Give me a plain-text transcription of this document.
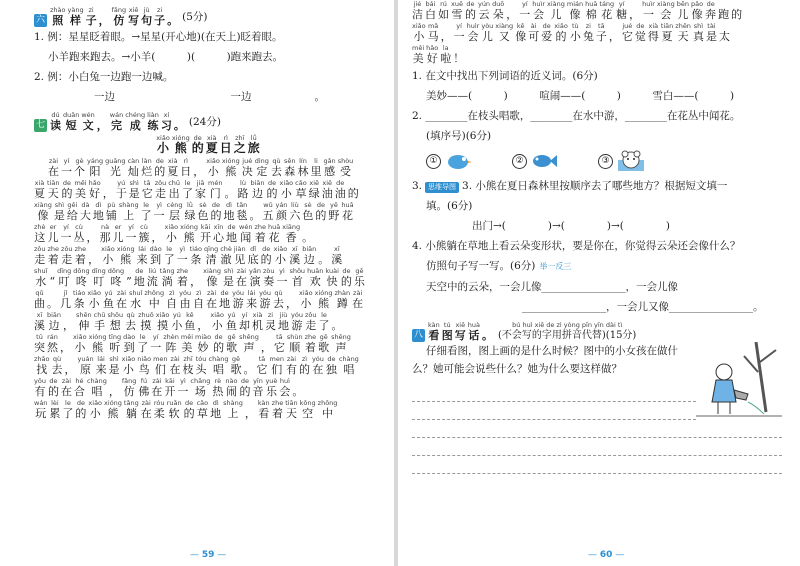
六
zhào
照
yàng
样
zi
子 ，
fǎng
仿
xiě
写
jù
句
zi
子 。 (5分)
1. 例：星星眨着眼。→星星(开心地)(在天上)眨着眼。
小羊跑来跑去。→小羊(　　　)(　　　)跑来跑去。
2. 例：小白兔一边跑一边喊。
一边　　　　　　　　　　　一边　　　　　　。
七
dú
读
duǎn
短
wén
文 ，
wán
完
chéng
成
liàn
练
xí
习 。 (24分)
xiǎo
小
xióng
熊
de
的
xià
夏
rì
日
zhī
之
lǚ
旅
zài
在
yí
一
gè
个
yáng
阳
guāng
光
càn
灿
làn
烂
de
的
xià
夏
rì
日 ，
xiǎo
小
xióng
熊
jué
决
dìng
定
qù
去
sēn
森
lín
林
li
里
gǎn
感
shòu
受
xià
夏
tiān
天
de
的
měi
美
hǎo
好 ，
yú
于
shì
是
tā
它
zǒu
走
chū
出
le
了
jiā
家
mén
门 。
lù
路
biān
边
de
的
xiǎo
小
cǎo
草
xiē
绿
xiē
油
de
油 的
xiàng
像
shì
是
gěi
给
dà
大
dì
地
pù
铺
shàng
上
le
了
yì
一
céng
层
lǜ
绿
sè
色
de
的
dì
地
tǎn
毯 。
wǔ
五
yán
颜
liù
六
sè
色
de
的
yě
野
huā
花
zhè
这
er
儿
yí
一
cù
丛 ，
nà
那
er
儿
yí
一
cù
簇 ，
xiǎo
小
xióng
熊
kāi
开
xīn
心
de
地
wén
闻
zhe
着
huā
花
xiāng
香 。
zǒu
走
zhe
着
zǒu
走
zhe
着 ，
xiǎo
小
xióng
熊
lái
来
dào
到
le
了
yì
一
tiáo
条
qīng
清
chè
澈
jiàn
见
dǐ
底
de
的
xiǎo
小
xī
溪
biān
边 。
xī
溪
shuǐ
水 “
dīng
叮
dōng
咚
dīng
叮
dōng
咚 ”
de
地
liú
流
tǎng
淌
zhe
着 ，
xiàng
像
shì
是
zài
在
yǎn
演
zòu
奏
yì
一
shǒu
首
huān
欢
kuài
快
de
的
gē
乐
qǔ
曲 。
jǐ
几
tiáo
条
xiǎo
小
yú
鱼
zài
在
shuǐ
水
zhōng
中
zì
自
yóu
由
zì
自
zài
在
de
地
yóu
游
lái
来
yóu
游
qù
去 ，
xiǎo
小
xióng
熊
zhàn
蹲
zài
在
xī
溪
biān
边 ，
shēn
伸
chū
手
shǒu
想
qù
去
zhuō
摸
xiǎo
摸
yú
小
kě
鱼 ，
xiǎo
小
yú
鱼
yí
却
xià
机
zi
灵
jiù
地
yóu
游
zǒu
走
le
了 。
tū
突
rán
然 ，
xiǎo
小
xióng
熊
tīng
听
dào
到
le
了
yí
一
zhèn
阵
měi
美
miào
妙
de
的
gē
歌
shēng
声 ，
tā
它
shùn
顺
zhe
着
gē
歌
shēng
声
zhǎo
找
qù
去 ，
yuán
原
lái
来
shì
是
xiǎo
小
niǎo
鸟
men
们
zài
在
zhī
枝
tóu
头
chàng
唱
gē
歌 。
tā
它
men
们
zài
有
zì
的
yóu
在
de
独
chàng
唱
yǒu
有
de
的
zài
在
hé
合
chàng
唱 ，
fǎng
仿
fú
佛
zài
在
kāi
开
yì
一
chǎng
场
rè
热
nào
闹
de
的
yīn
音
yuè
乐
huì
会 。
wán
玩
lèi
累
le
了
de
的
xiǎo
小
xióng
熊
tǎng
躺
zài
在
róu
柔
ruǎn
软
de
的
cǎo
草
dì
地
shàng
上 ，
kàn
看
zhe
着
tiān
天
kōng
空
zhōng
中
— 59 —
jié
洁
bái
白
rú
如
xuě
雪
de
的
yún
云
duǒ
朵 ，
yí
一
huìr
会
xiàng
儿
mián
像
huā
棉
táng
花
yí
糖 ，
huìr
一
xiàng
会
bēn
儿
pǎo
像
de
奔 跑 的
xiǎo
小
mǎ
马 ，
yí
一
huìr
会
yòu
儿
xiàng
又
kě
像
ài
可
de
爱
xiǎo
的
tù
小
zi
兔
tā
子 ，
jué
它
de
觉
xià
得
tiān
夏
zhēn
天
shì
真
tài
是 太
měi
美
hǎo
好
la
啦 ！
1. 在文中找出下列词语的近义词。(6分)
美妙——(　　　)　　　喧闹——(　　　)　　　雪白——(　　　)
2. ________在枝头唱歌，________在水中游，________在花丛中闻花。
(填序号)(6分)
①	②	③
3. 思维导图 3. 小熊在夏日森林里按顺序去了哪些地方？根据短文填一
填。(6分)
出门→(　　　　)→(　　　　)→(　　　　)
4. 小熊躺在草地上看云朵变形状，要是你在，你觉得云朵还会像什么？
仿照句子写一写。(6分) 举一反三
天空中的云朵，一会儿像________________，一会儿像
________________，一会儿又像________________。
八
kàn
看
tú
图
xiě
写
huà
话 。
bú huì xiě de zì yòng pīn yīn dài tì
(不会写的字用拼音代替)(15分)
仔细看图，图上画的是什么时候？图中的小女孩在做什
么？她可能会说些什么？她为什么要这样做？
— 60 —
